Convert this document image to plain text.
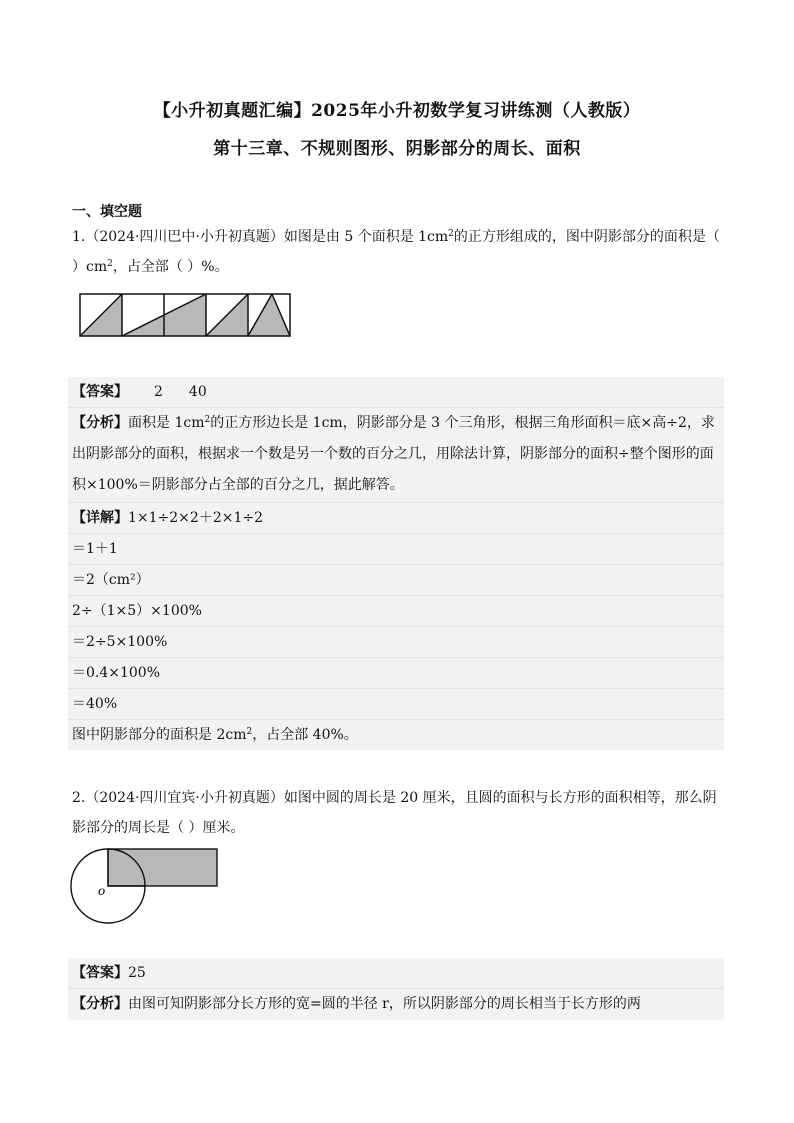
【小升初真题汇编】2025年小升初数学复习讲练测（人教版）
第十三章、不规则图形、阴影部分的周长、面积
一、填空题
1.（2024·四川巴中·小升初真题）如图是由 5 个面积是 $1cm^2$的正方形组成的，图中阴影部分的面积是（ ）$cm^2$，占全部（ ）%。
【答案】 2 40
【分析】面积是 $1cm^2$的正方形边长是 1cm，阴影部分是 3 个三角形，根据三角形面积＝底×高÷2，求出阴影部分的面积，根据求一个数是另一个数的百分之几，用除法计算，阴影部分的面积÷整个图形的面积×100%＝阴影部分占全部的百分之几，据此解答。
【详解】1×1÷2×2＋2×1÷2
＝1＋1
＝2（cm²）
2÷（1×5）×100%
＝2÷5×100%
＝0.4×100%
＝40%
图中阴影部分的面积是 $2cm^2$，占全部 40%。
2.（2024·四川宜宾·小升初真题）如图中圆的周长是 20 厘米，且圆的面积与长方形的面积相等，那么阴影部分的周长是（ ）厘米。
o
【答案】25
【分析】由图可知阴影部分长方形的宽=圆的半径 r，所以阴影部分的周长相当于长方形的两
